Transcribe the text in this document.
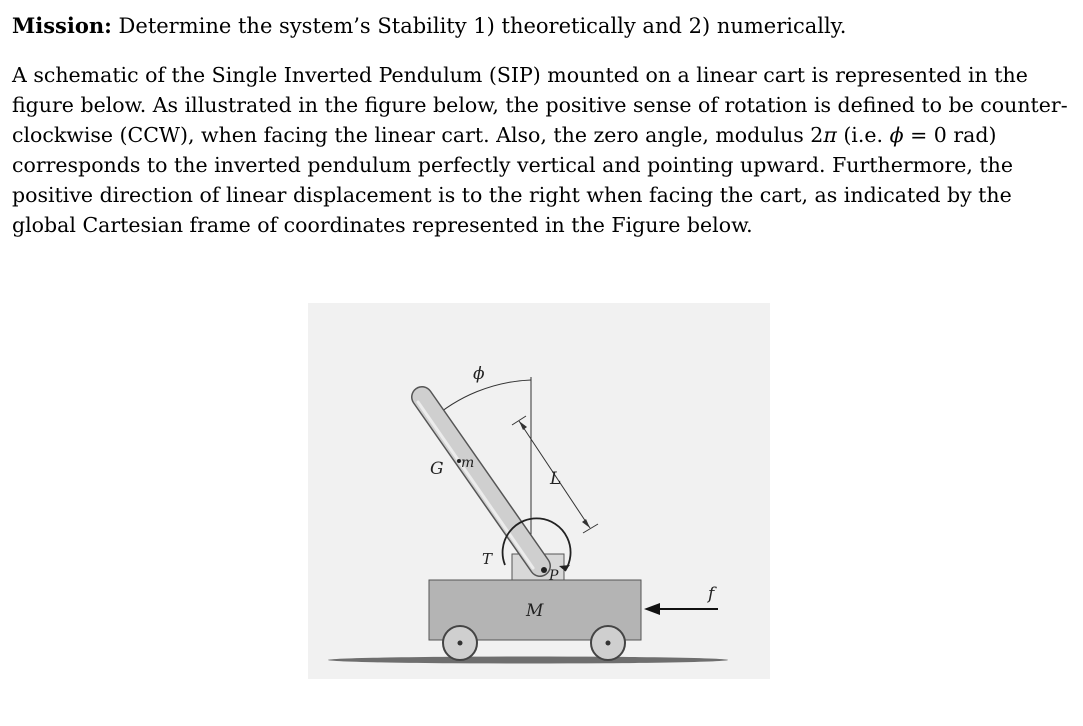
Mission: Determine the system’s Stability 1) theoretically and 2) numerically.

A schematic of the Single Inverted Pendulum (SIP) mounted on a linear cart is represented in the figure below. As illustrated in the figure below, the positive sense of rotation is defined to be counter-clockwise (CCW), when facing the linear cart. Also, the zero angle, modulus 2π (i.e. ϕ = 0 rad) corresponds to the inverted pendulum perfectly vertical and pointing upward. Furthermore, the positive direction of linear displacement is to the right when facing the cart, as indicated by the global Cartesian frame of coordinates represented in the Figure below.

ϕ
G m
L
T
P
M
f
